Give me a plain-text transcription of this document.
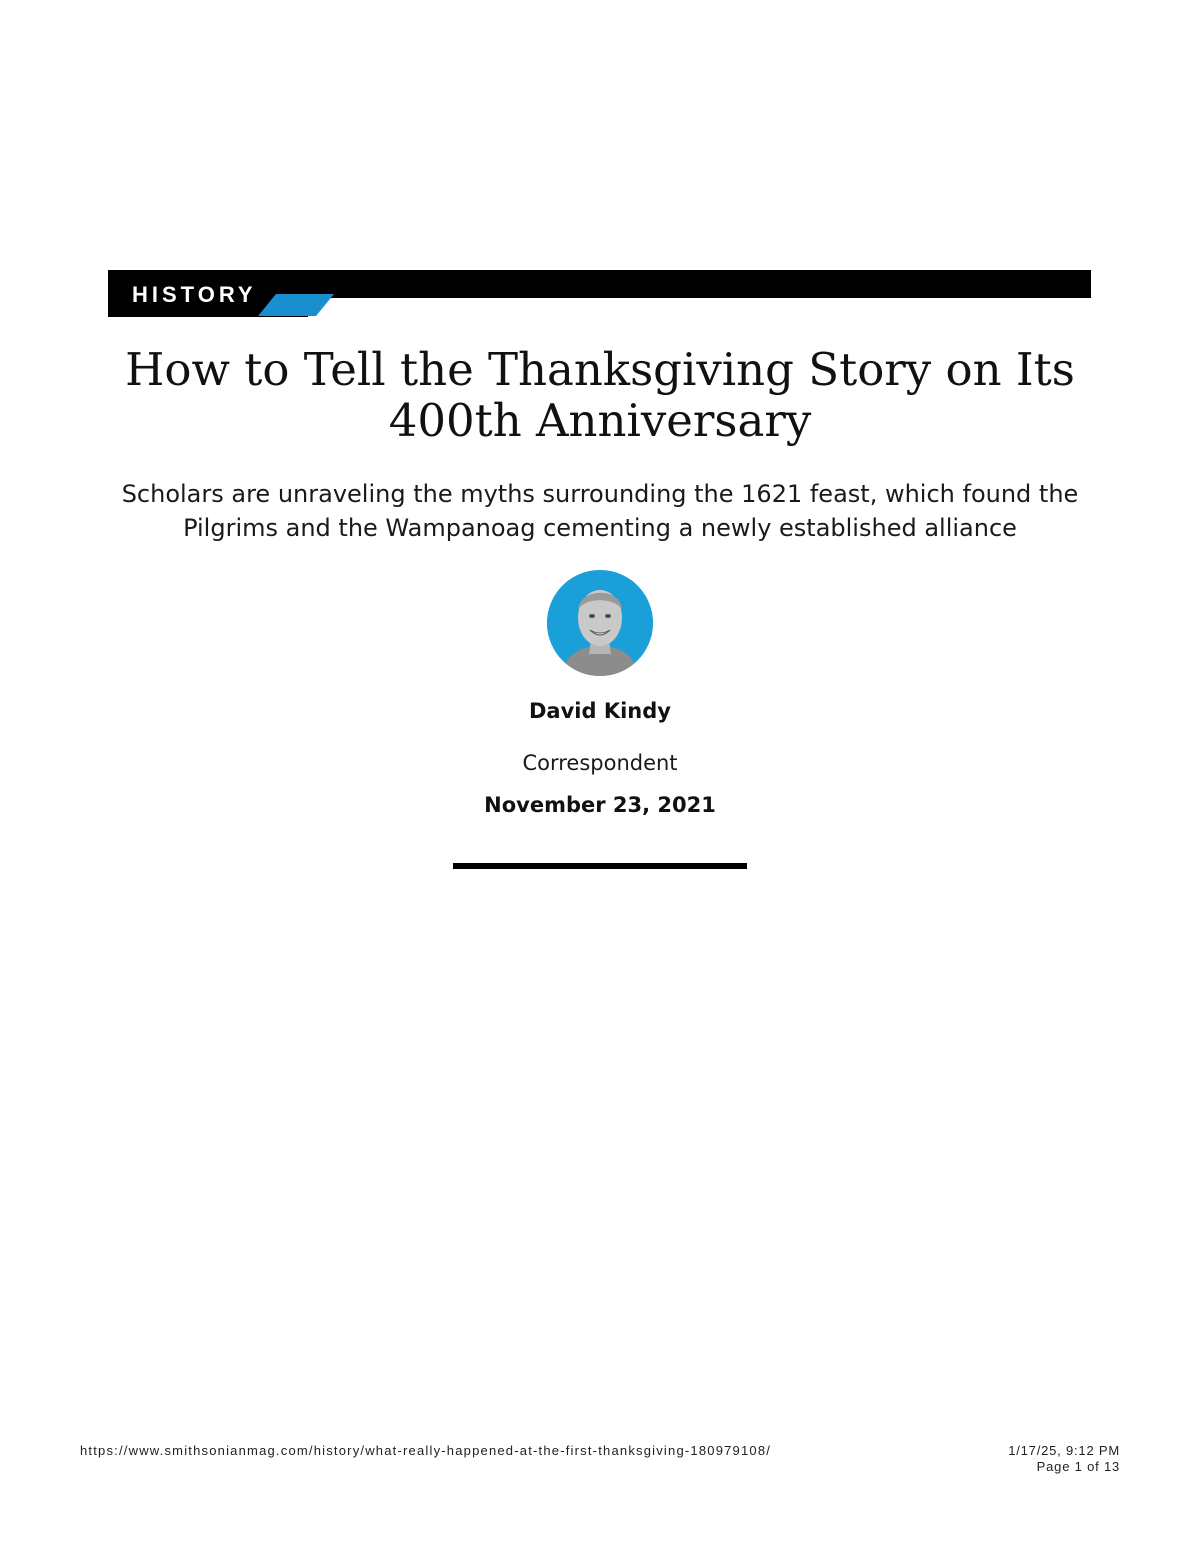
HISTORY
How to Tell the Thanksgiving Story on Its 400th Anniversary

Scholars are unraveling the myths surrounding the 1621 feast, which found the Pilgrims and the Wampanoag cementing a newly established alliance

David Kindy
Correspondent
November 23, 2021
https://www.smithsonianmag.com/history/what-really-happened-at-the-first-thanksgiving-180979108/	1/17/25, 9:12 PM
Page 1 of 13
